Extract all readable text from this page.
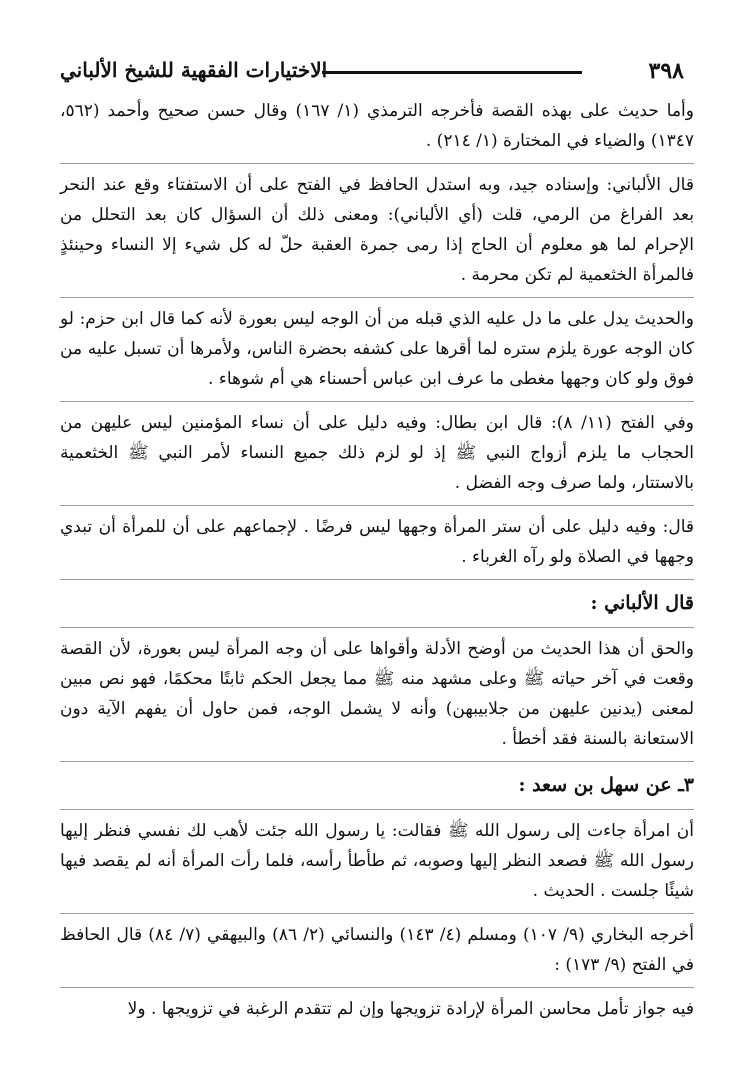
٣٩٨
الاختيارات الفقهية للشيخ الألباني

وأما حديث على بهذه القصة فأخرجه الترمذي (١/ ١٦٧) وقال حسن صحيح وأحمد (٥٦٢، ١٣٤٧) والضياء في المختارة (١/ ٢١٤) .

قال الألباني: وإسناده جيد، وبه استدل الحافظ في الفتح على أن الاستفتاء وقع عند النحر بعد الفراغ من الرمي، قلت (أي الألباني): ومعنى ذلك أن السؤال كان بعد التحلل من الإحرام لما هو معلوم أن الحاج إذا رمى جمرة العقبة حلّ له كل شيء إلا النساء وحينئذٍ فالمرأة الخثعمية لم تكن محرمة .

والحديث يدل على ما دل عليه الذي قبله من أن الوجه ليس بعورة لأنه كما قال ابن حزم: لو كان الوجه عورة يلزم ستره لما أقرها على كشفه بحضرة الناس، ولأمرها أن تسبل عليه من فوق ولو كان وجهها مغطى ما عرف ابن عباس أحسناء هي أم شوهاء .

وفي الفتح (١١/ ٨): قال ابن بطال: وفيه دليل على أن نساء المؤمنين ليس عليهن من الحجاب ما يلزم أزواج النبي ﷺ إذ لو لزم ذلك جميع النساء لأمر النبي ﷺ الخثعمية بالاستتار، ولما صرف وجه الفضل .

قال: وفيه دليل على أن ستر المرأة وجهها ليس فرضًا . لإجماعهم على أن للمرأة أن تبدي وجهها في الصلاة ولو رآه الغرباء .

قال الألباني :

والحق أن هذا الحديث من أوضح الأدلة وأقواها على أن وجه المرأة ليس بعورة، لأن القصة وقعت في آخر حياته ﷺ وعلى مشهد منه ﷺ مما يجعل الحكم ثابتًا محكمًا، فهو نص مبين لمعنى (يدنين عليهن من جلابيبهن) وأنه لا يشمل الوجه، فمن حاول أن يفهم الآية دون الاستعانة بالسنة فقد أخطأ .

٣ـ عن سهل بن سعد :

أن امرأة جاءت إلى رسول الله ﷺ فقالت: يا رسول الله جئت لأهب لك نفسي فنظر إليها رسول الله ﷺ فصعد النظر إليها وصوبه، ثم طأطأ رأسه، فلما رأت المرأة أنه لم يقصد فيها شيئًا جلست . الحديث .

أخرجه البخاري (٩/ ١٠٧) ومسلم (٤/ ١٤٣) والنسائي (٢/ ٨٦) والبيهقي (٧/ ٨٤) قال الحافظ في الفتح (٩/ ١٧٣) :

فيه جواز تأمل محاسن المرأة لإرادة تزويجها وإن لم تتقدم الرغبة في تزويجها . ولا
